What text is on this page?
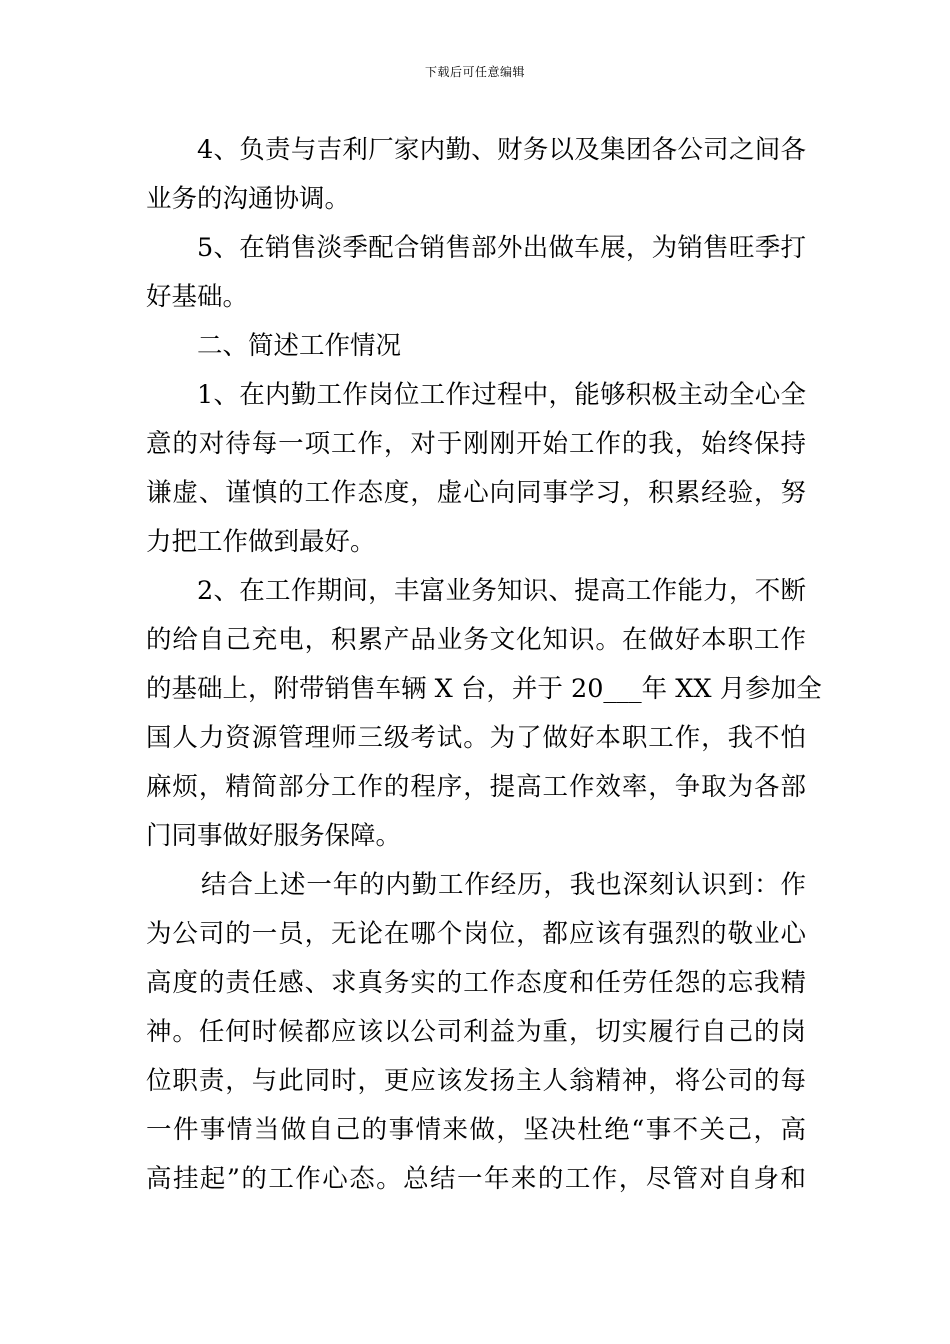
下载后可任意编辑
4、负责与吉利厂家内勤、财务以及集团各公司之间各
业务的沟通协调。
5、在销售淡季配合销售部外出做车展，为销售旺季打
好基础。
二、简述工作情况
1、在内勤工作岗位工作过程中，能够积极主动全心全
意的对待每一项工作，对于刚刚开始工作的我，始终保持
谦虚、谨慎的工作态度，虚心向同事学习，积累经验，努
力把工作做到最好。
2、在工作期间，丰富业务知识、提高工作能力，不断
的给自己充电，积累产品业务文化知识。在做好本职工作
的基础上，附带销售车辆 X 台，并于 20___年 XX 月参加全
国人力资源管理师三级考试。为了做好本职工作，我不怕
麻烦，精简部分工作的程序，提高工作效率，争取为各部
门同事做好服务保障。
结合上述一年的内勤工作经历，我也深刻认识到：作
为公司的一员，无论在哪个岗位，都应该有强烈的敬业心
高度的责任感、求真务实的工作态度和任劳任怨的忘我精
神。任何时候都应该以公司利益为重，切实履行自己的岗
位职责，与此同时，更应该发扬主人翁精神，将公司的每
一件事情当做自己的事情来做，坚决杜绝“事不关己，高
高挂起”的工作心态。总结一年来的工作，尽管对自身和
